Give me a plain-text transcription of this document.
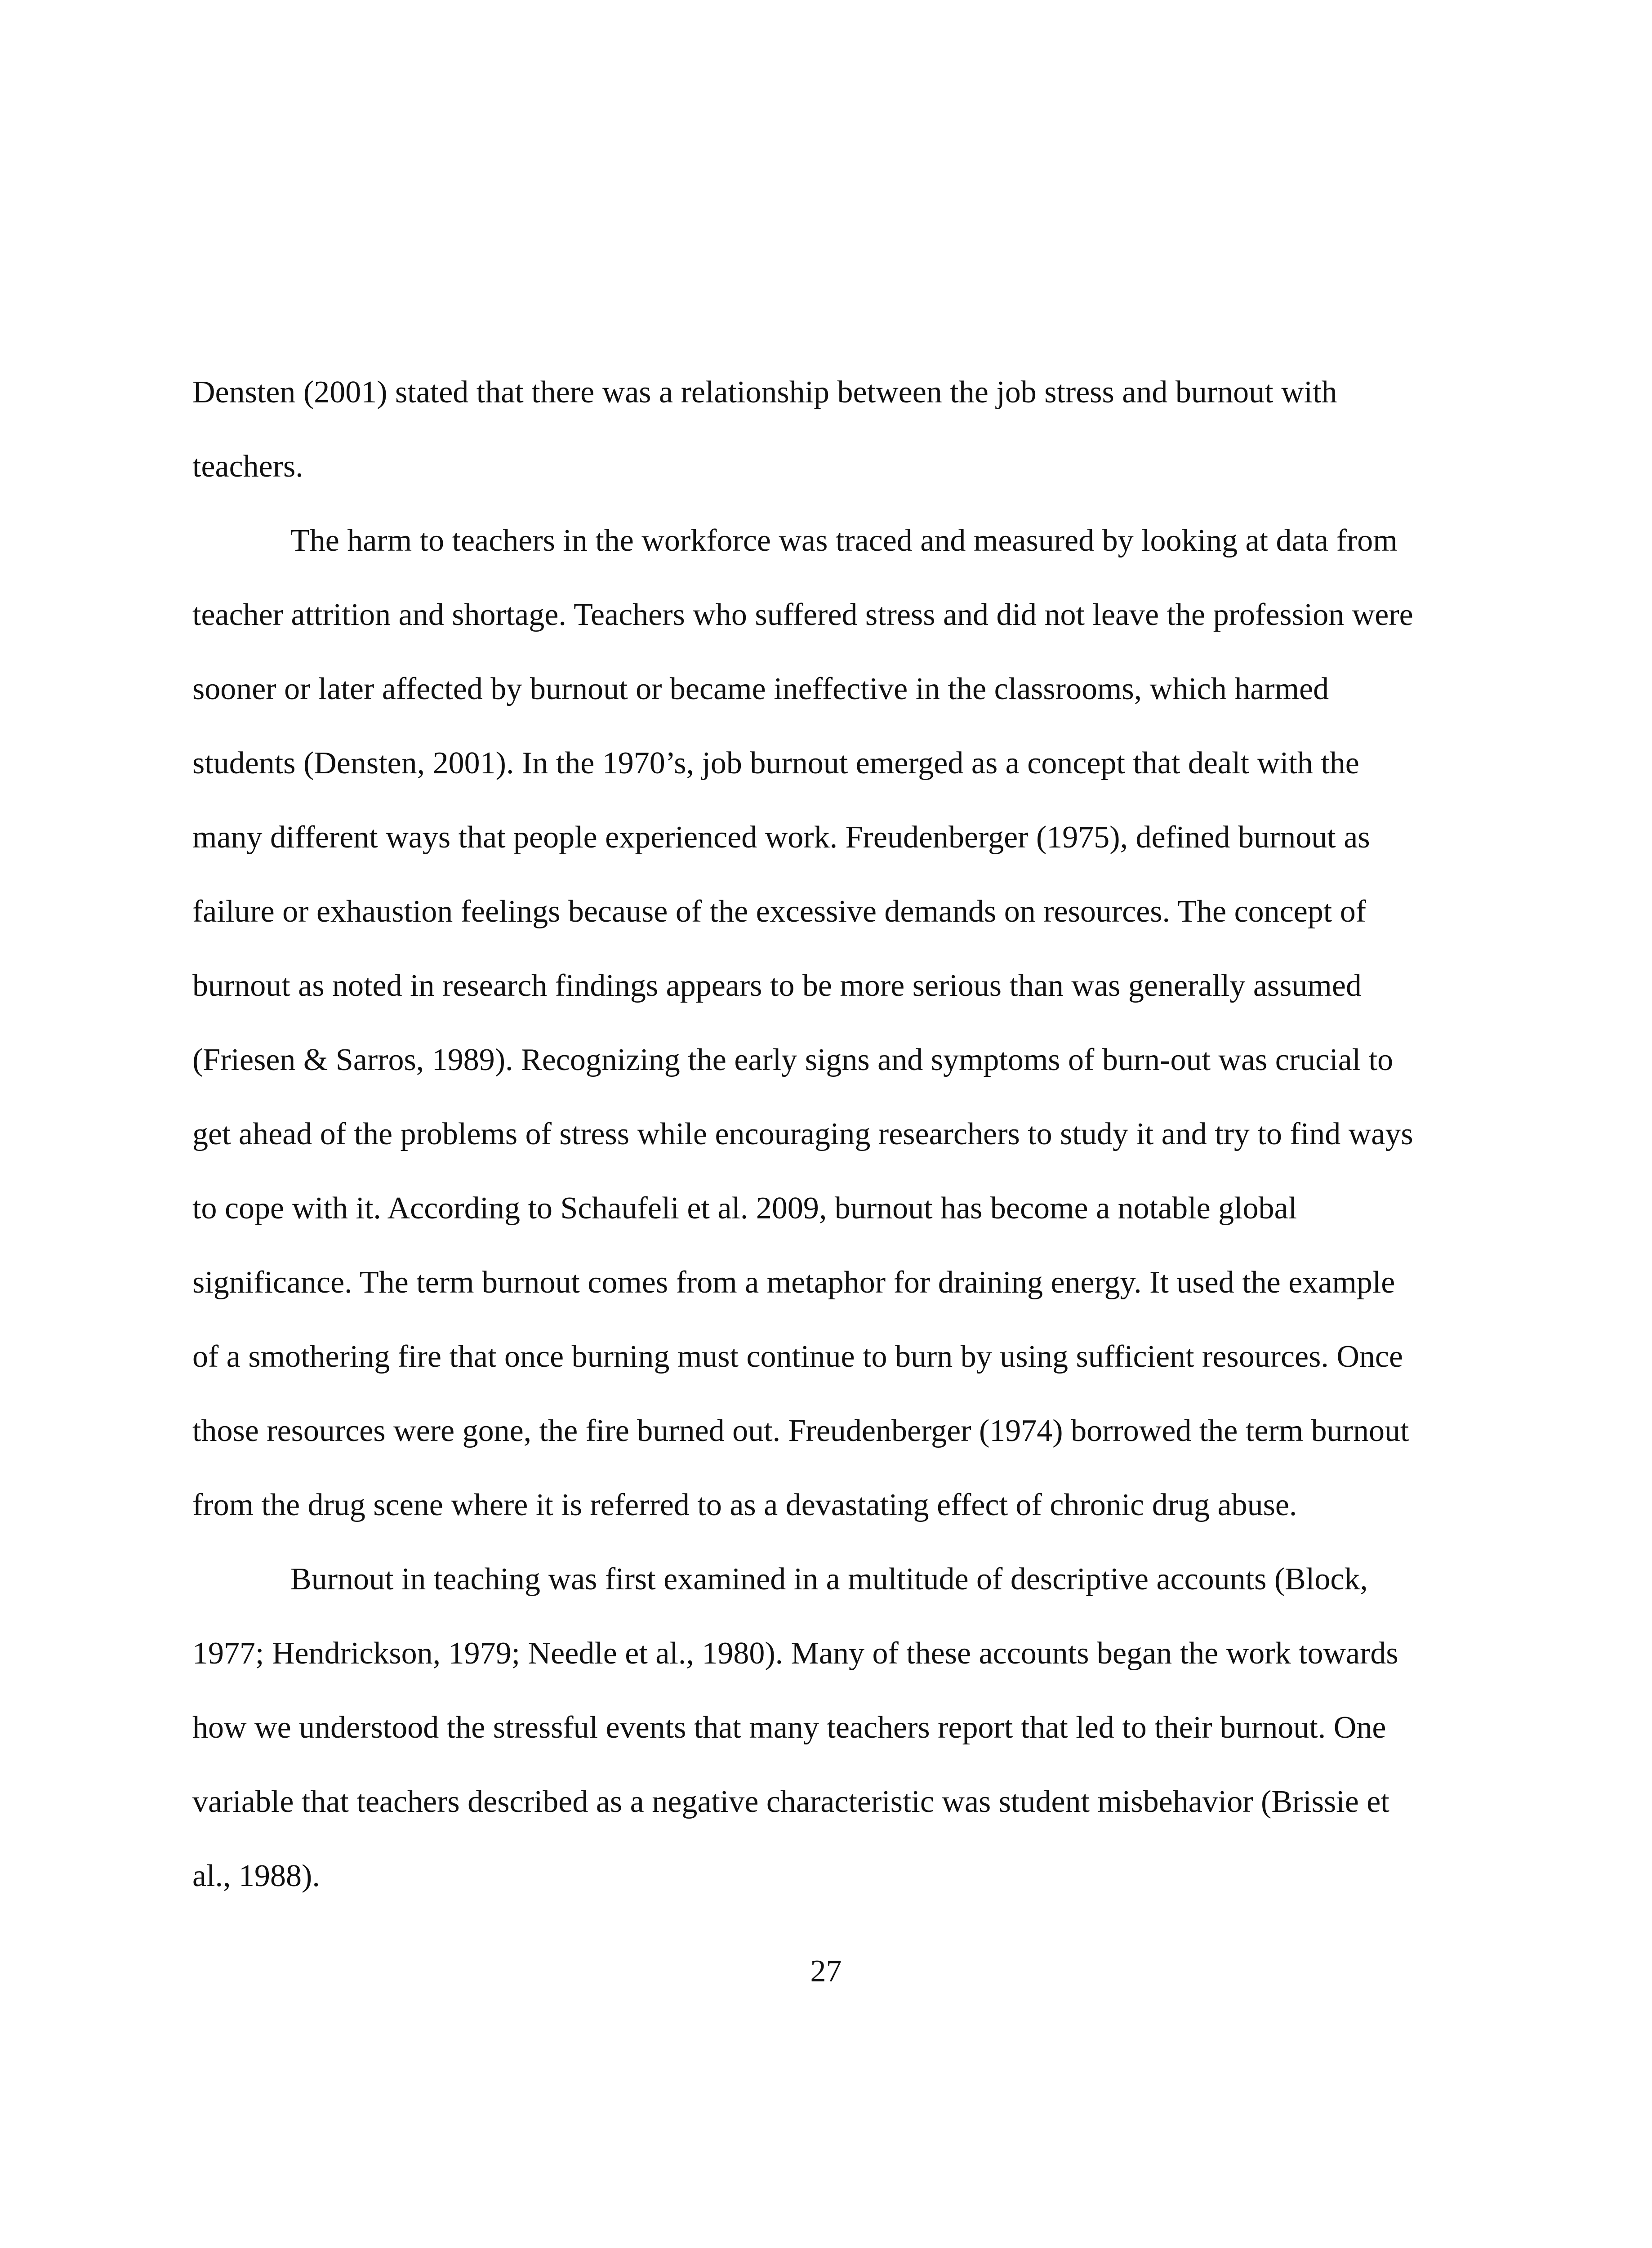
Densten (2001) stated that there was a relationship between the job stress and burnout with
teachers.

The harm to teachers in the workforce was traced and measured by looking at data from
teacher attrition and shortage. Teachers who suffered stress and did not leave the profession were
sooner or later affected by burnout or became ineffective in the classrooms, which harmed
students (Densten, 2001). In the 1970’s, job burnout emerged as a concept that dealt with the
many different ways that people experienced work. Freudenberger (1975), defined burnout as
failure or exhaustion feelings because of the excessive demands on resources. The concept of
burnout as noted in research findings appears to be more serious than was generally assumed
(Friesen & Sarros, 1989). Recognizing the early signs and symptoms of burn-out was crucial to
get ahead of the problems of stress while encouraging researchers to study it and try to find ways
to cope with it. According to Schaufeli et al. 2009, burnout has become a notable global
significance. The term burnout comes from a metaphor for draining energy. It used the example
of a smothering fire that once burning must continue to burn by using sufficient resources. Once
those resources were gone, the fire burned out. Freudenberger (1974) borrowed the term burnout
from the drug scene where it is referred to as a devastating effect of chronic drug abuse.

Burnout in teaching was first examined in a multitude of descriptive accounts (Block,
1977; Hendrickson, 1979; Needle et al., 1980). Many of these accounts began the work towards
how we understood the stressful events that many teachers report that led to their burnout. One
variable that teachers described as a negative characteristic was student misbehavior (Brissie et
al., 1988).

27
